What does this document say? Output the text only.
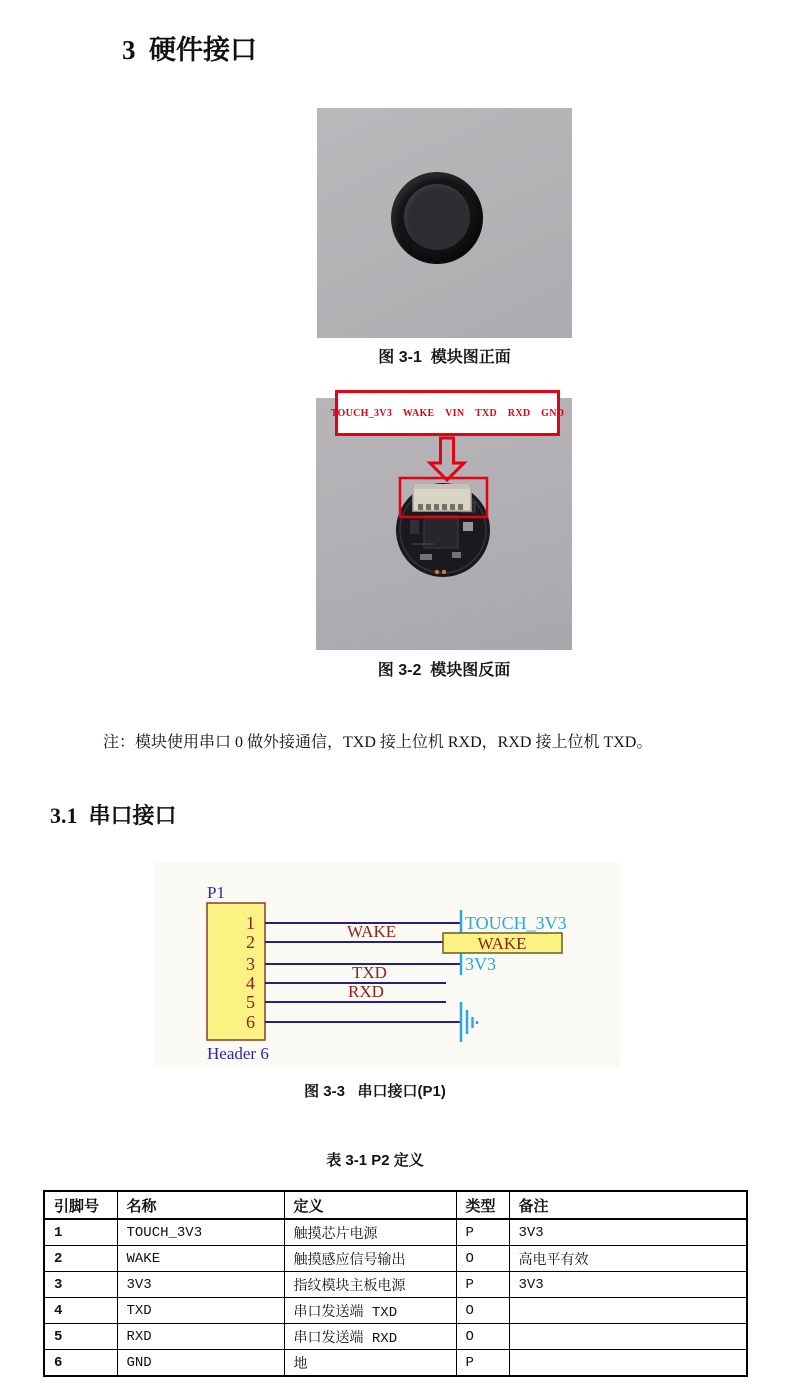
3  硬件接口
图 3-1  模块图正面
TOUCH_3V3 WAKE VIN TXD RXD GND
图 3-2  模块图反面

注：模块使用串口 0 做外接通信，TXD 接上位机 RXD，RXD 接上位机 TXD。

3.1  串口接口
P1
1
2
3
4
5
6
WAKE
TXD
RXD
TOUCH_3V3
WAKE
3V3
Header 6
图 3-3   串口接口(P1)
表 3-1 P2 定义
引脚号	名称	定义	类型	备注
1	TOUCH_3V3	触摸芯片电源	P	3V3
2	WAKE	触摸感应信号输出	O	高电平有效
3	3V3	指纹模块主板电源	P	3V3
4	TXD	串口发送端 TXD	O	
5	RXD	串口发送端 RXD	O	
6	GND	地	P	
